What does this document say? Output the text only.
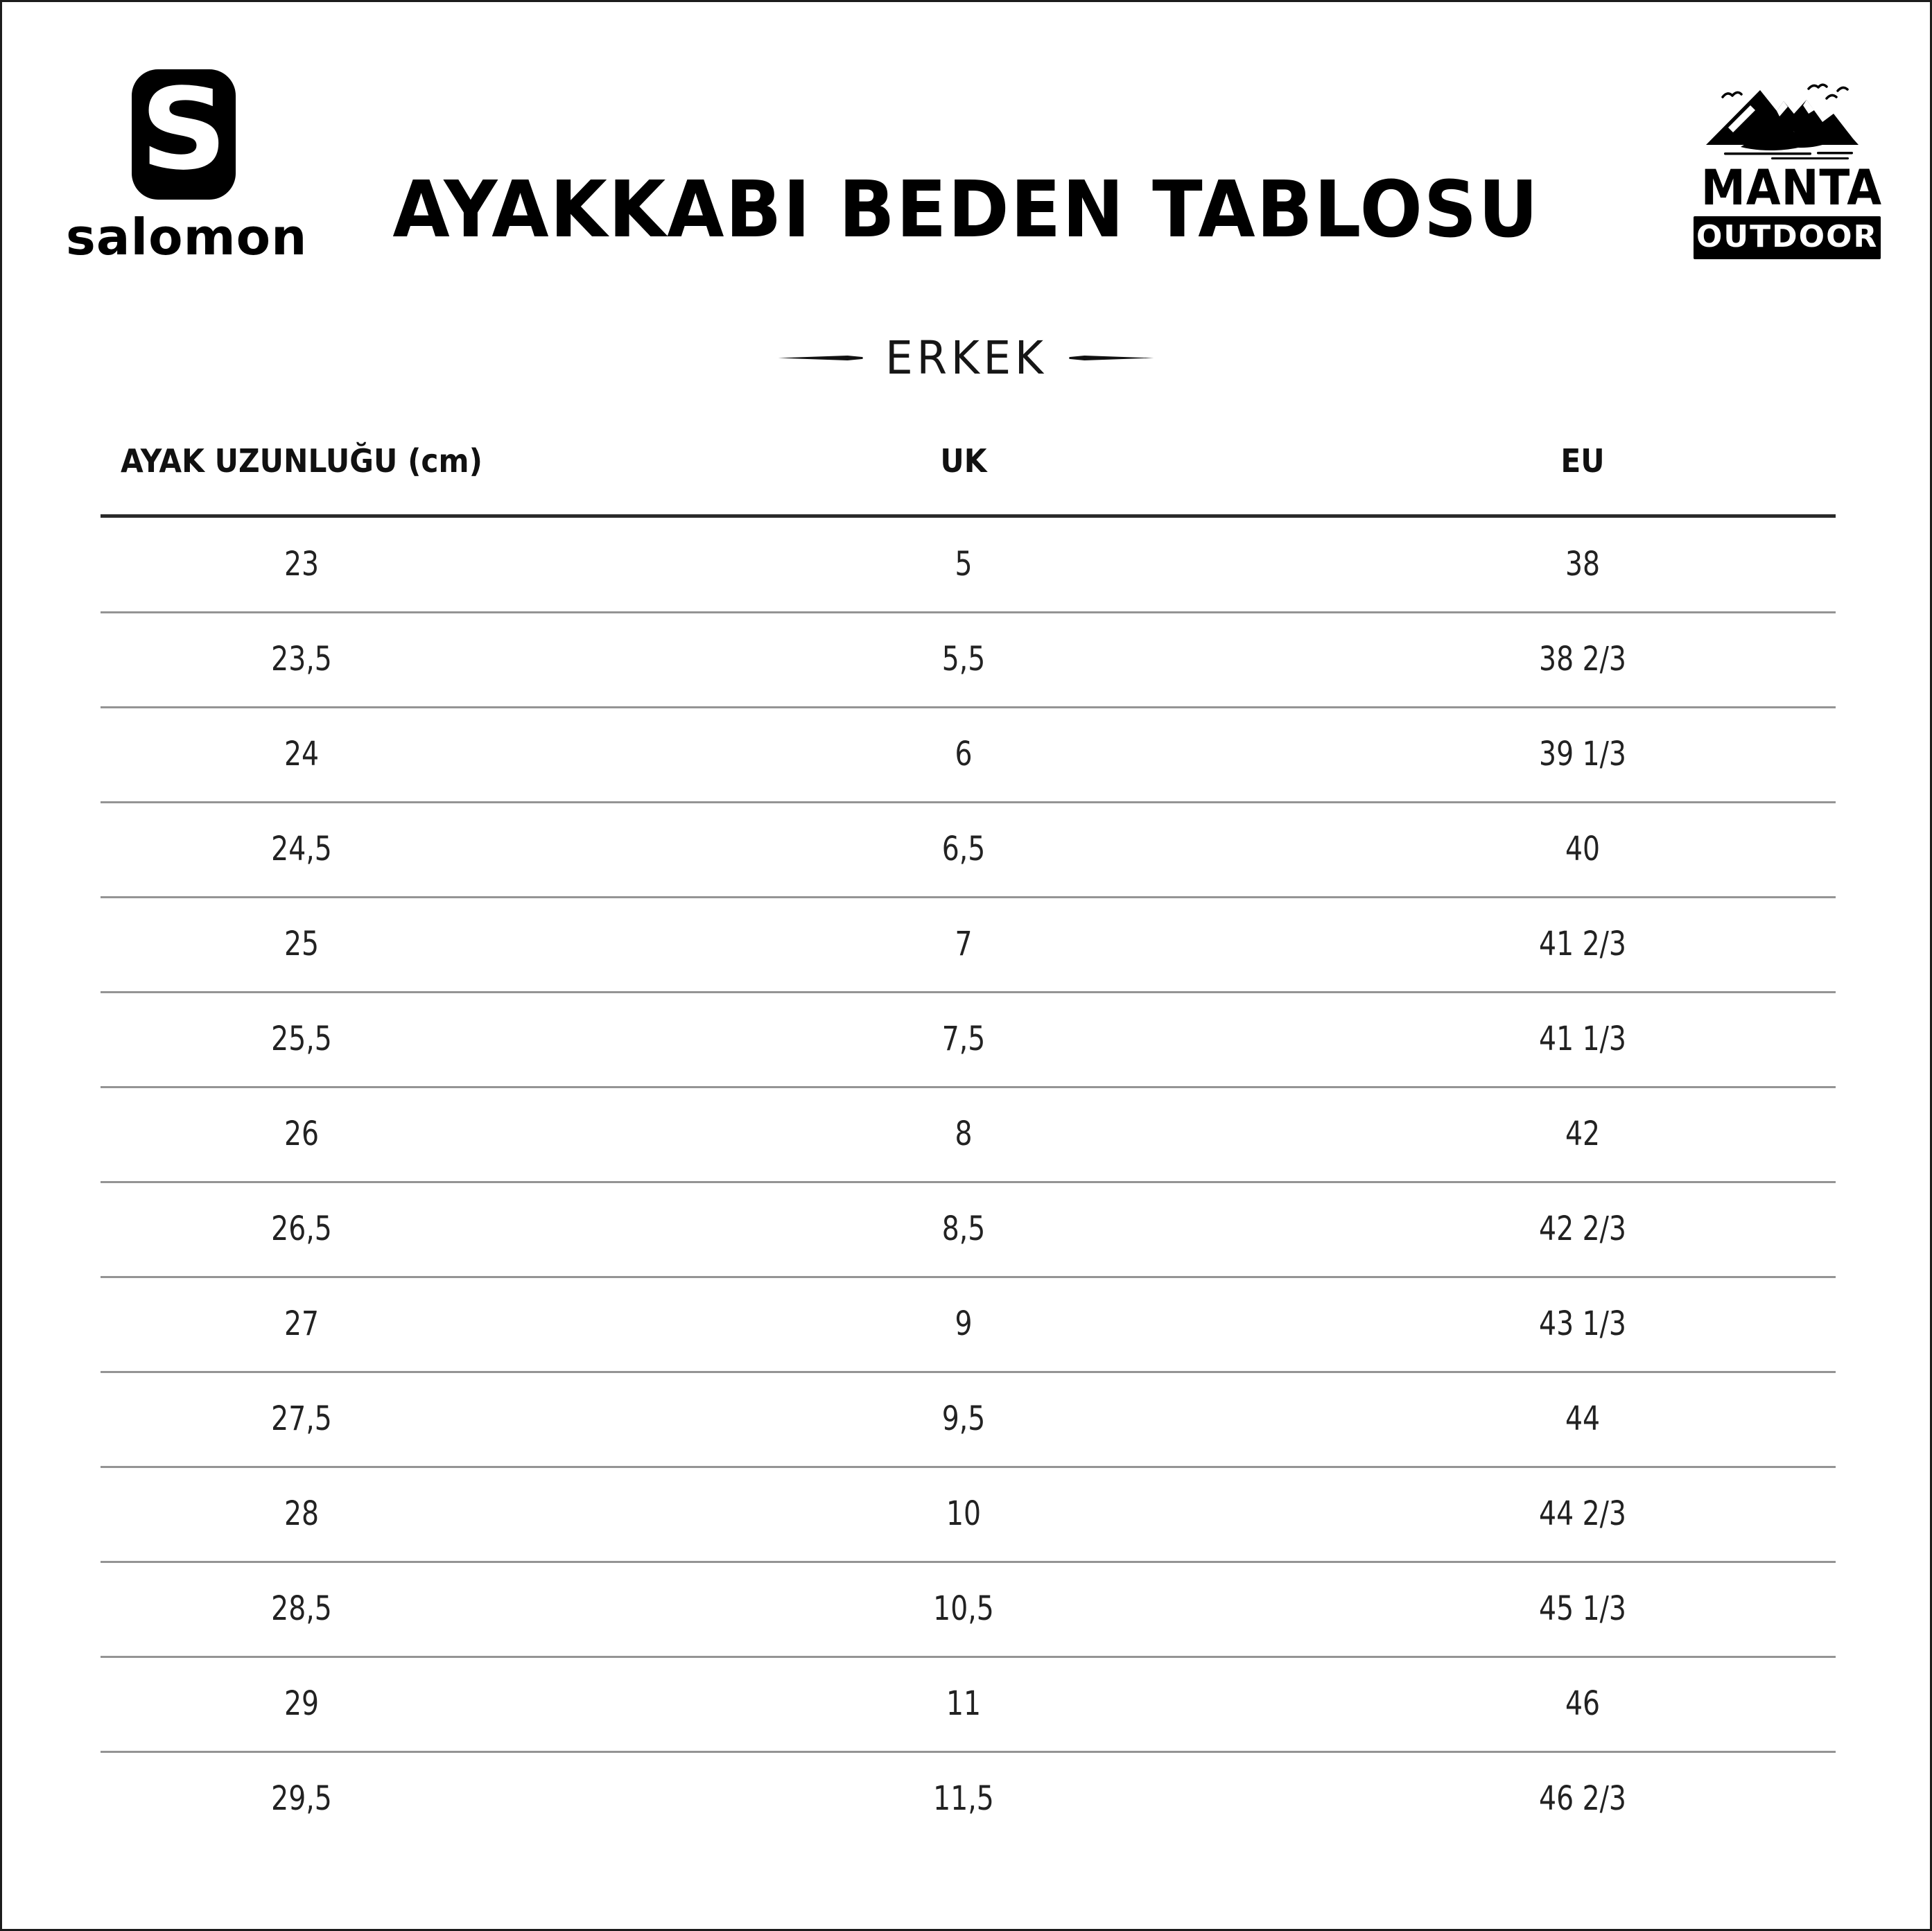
S
salomon	AYAKKABI BEDEN TABLOSU	MANTA
OUTDOOR
ERKEK
AYAK UZUNLUĞU (cm)	UK	EU
23	5	38
23,5	5,5	38 2/3
24	6	39 1/3
24,5	6,5	40
25	7	41 2/3
25,5	7,5	41 1/3
26	8	42
26,5	8,5	42 2/3
27	9	43 1/3
27,5	9,5	44
28	10	44 2/3
28,5	10,5	45 1/3
29	11	46
29,5	11,5	46 2/3
